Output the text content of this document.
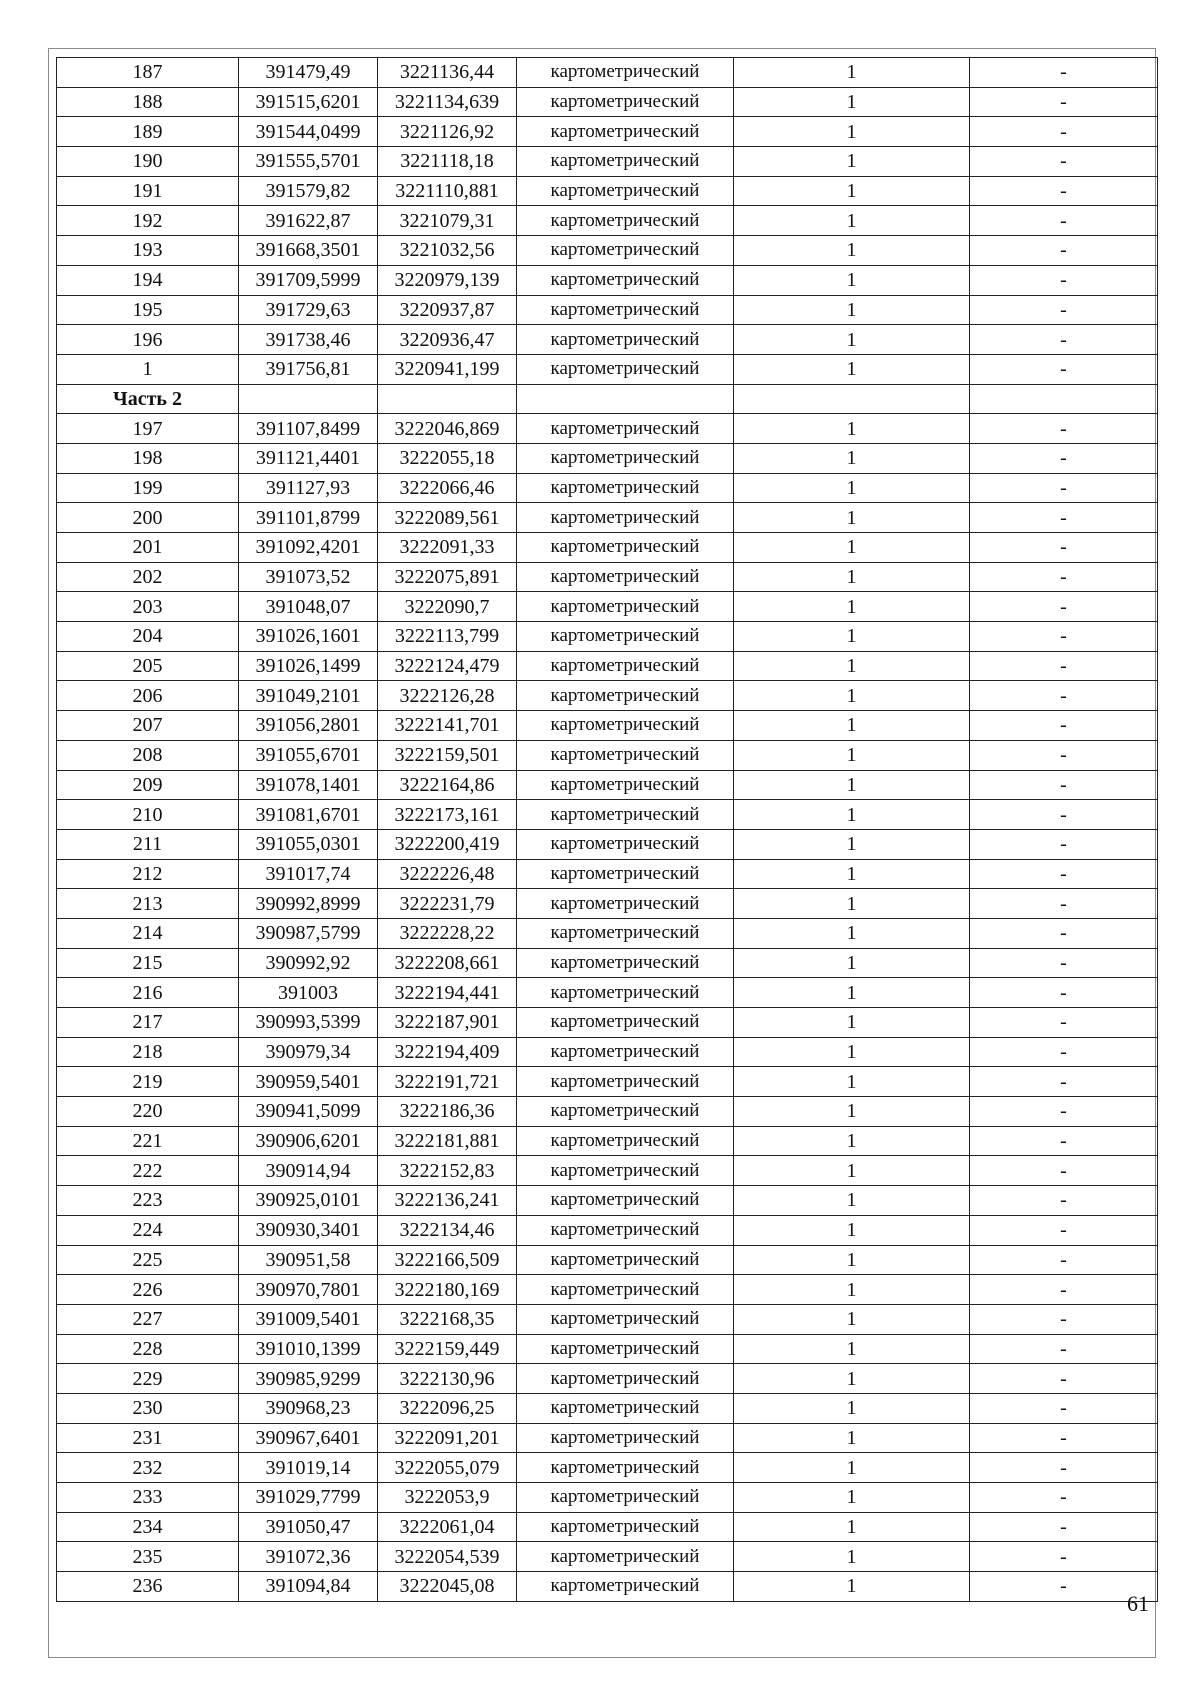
187	391479,49	3221136,44	картометрический	1	-
188	391515,6201	3221134,639	картометрический	1	-
189	391544,0499	3221126,92	картометрический	1	-
190	391555,5701	3221118,18	картометрический	1	-
191	391579,82	3221110,881	картометрический	1	-
192	391622,87	3221079,31	картометрический	1	-
193	391668,3501	3221032,56	картометрический	1	-
194	391709,5999	3220979,139	картометрический	1	-
195	391729,63	3220937,87	картометрический	1	-
196	391738,46	3220936,47	картометрический	1	-
1	391756,81	3220941,199	картометрический	1	-
Часть 2					
197	391107,8499	3222046,869	картометрический	1	-
198	391121,4401	3222055,18	картометрический	1	-
199	391127,93	3222066,46	картометрический	1	-
200	391101,8799	3222089,561	картометрический	1	-
201	391092,4201	3222091,33	картометрический	1	-
202	391073,52	3222075,891	картометрический	1	-
203	391048,07	3222090,7	картометрический	1	-
204	391026,1601	3222113,799	картометрический	1	-
205	391026,1499	3222124,479	картометрический	1	-
206	391049,2101	3222126,28	картометрический	1	-
207	391056,2801	3222141,701	картометрический	1	-
208	391055,6701	3222159,501	картометрический	1	-
209	391078,1401	3222164,86	картометрический	1	-
210	391081,6701	3222173,161	картометрический	1	-
211	391055,0301	3222200,419	картометрический	1	-
212	391017,74	3222226,48	картометрический	1	-
213	390992,8999	3222231,79	картометрический	1	-
214	390987,5799	3222228,22	картометрический	1	-
215	390992,92	3222208,661	картометрический	1	-
216	391003	3222194,441	картометрический	1	-
217	390993,5399	3222187,901	картометрический	1	-
218	390979,34	3222194,409	картометрический	1	-
219	390959,5401	3222191,721	картометрический	1	-
220	390941,5099	3222186,36	картометрический	1	-
221	390906,6201	3222181,881	картометрический	1	-
222	390914,94	3222152,83	картометрический	1	-
223	390925,0101	3222136,241	картометрический	1	-
224	390930,3401	3222134,46	картометрический	1	-
225	390951,58	3222166,509	картометрический	1	-
226	390970,7801	3222180,169	картометрический	1	-
227	391009,5401	3222168,35	картометрический	1	-
228	391010,1399	3222159,449	картометрический	1	-
229	390985,9299	3222130,96	картометрический	1	-
230	390968,23	3222096,25	картометрический	1	-
231	390967,6401	3222091,201	картометрический	1	-
232	391019,14	3222055,079	картометрический	1	-
233	391029,7799	3222053,9	картометрический	1	-
234	391050,47	3222061,04	картометрический	1	-
235	391072,36	3222054,539	картометрический	1	-
236	391094,84	3222045,08	картометрический	1	-
61
